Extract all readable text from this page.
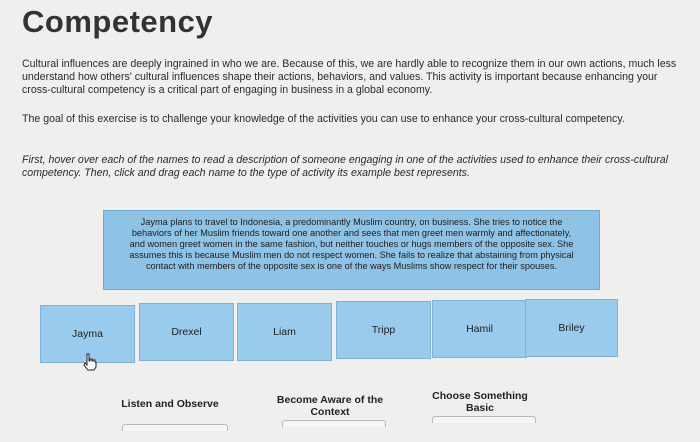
Competency
Cultural influences are deeply ingrained in who we are. Because of this, we are hardly able to recognize them in our own actions, much less understand how others' cultural influences shape their actions, behaviors, and values. This activity is important because enhancing your cross-cultural competency is a critical part of engaging in business in a global economy.
The goal of this exercise is to challenge your knowledge of the activities you can use to enhance your cross-cultural competency.
First, hover over each of the names to read a description of someone engaging in one of the activities used to enhance their cross-cultural competency. Then, click and drag each name to the type of activity its example best represents.
Jayma plans to travel to Indonesia, a predominantly Muslim country, on business. She tries to notice the behaviors of her Muslim friends toward one another and sees that men greet men warmly and affectionately, and women greet women in the same fashion, but neither touches or hugs members of the opposite sex. She assumes this is because Muslim men do not respect women. She fails to realize that abstaining from physical contact with members of the opposite sex is one of the ways Muslims show respect for their spouses.
Jayma	Drexel	Liam	Tripp	Hamil	Briley
Listen and Observe	Become Aware of the Context
Choose Something Basic
